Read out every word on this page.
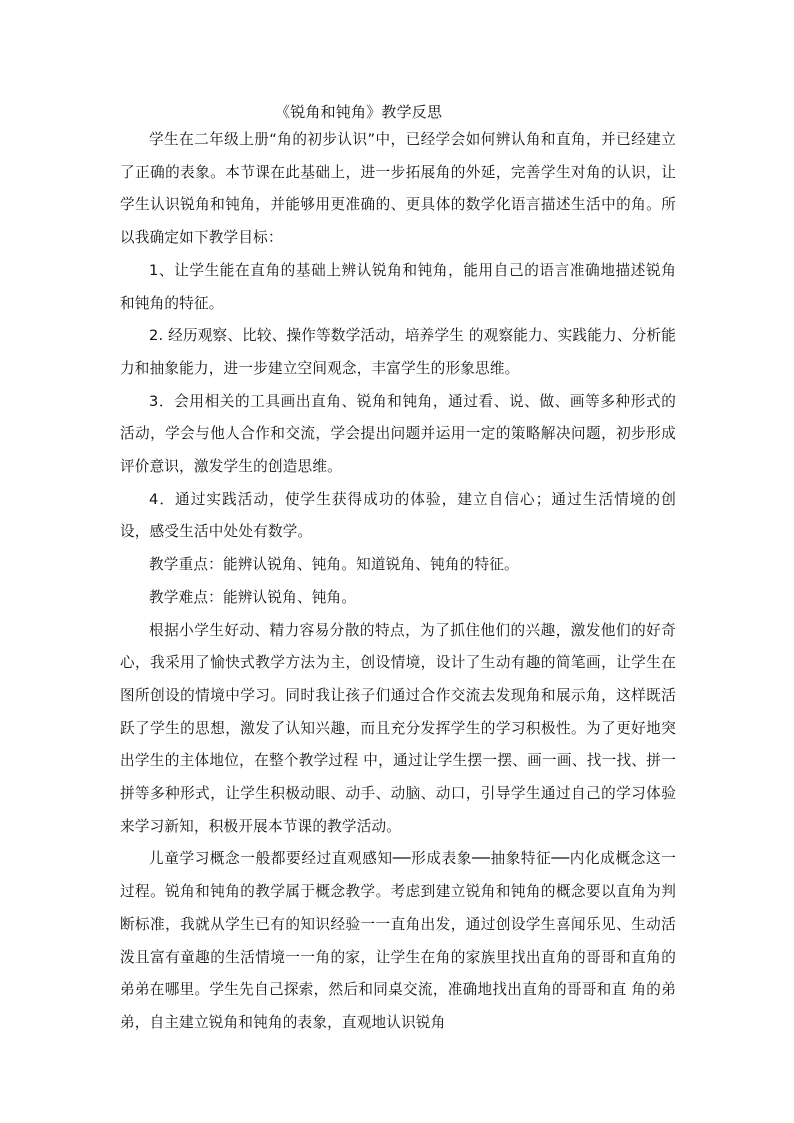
《锐角和钝角》教学反思

学生在二年级上册“角的初步认识”中，已经学会如何辨认角和直角，并已经建立了正确的表象。本节课在此基础上，进一步拓展角的外延，完善学生对角的认识，让学生认识锐角和钝角，并能够用更准确的、更具体的数学化语言描述生活中的角。所以我确定如下教学目标：

1、让学生能在直角的基础上辨认锐角和钝角，能用自己的语言准确地描述锐角和钝角的特征。

2. 经历观察、比较、操作等数学活动，培养学生 的观察能力、实践能力、分析能力和抽象能力，进一步建立空间观念，丰富学生的形象思维。

3．会用相关的工具画出直角、锐角和钝角，通过看、说、做、画等多种形式的活动，学会与他人合作和交流，学会提出问题并运用一定的策略解决问题，初步形成评价意识，激发学生的创造思维。

4．通过实践活动，使学生获得成功的体验，建立自信心；通过生活情境的创设，感受生活中处处有数学。

教学重点：能辨认锐角、钝角。知道锐角、钝角的特征。

教学难点：能辨认锐角、钝角。

根据小学生好动、精力容易分散的特点，为了抓住他们的兴趣，激发他们的好奇心，我采用了愉快式教学方法为主，创设情境，设计了生动有趣的简笔画，让学生在图所创设的情境中学习。同时我让孩子们通过合作交流去发现角和展示角，这样既活跃了学生的思想，激发了认知兴趣，而且充分发挥学生的学习积极性。为了更好地突出学生的主体地位，在整个教学过程 中，通过让学生摆一摆、画一画、找一找、拼一拼等多种形式，让学生积极动眼、动手、动脑、动口，引导学生通过自己的学习体验来学习新知，积极开展本节课的教学活动。

儿童学习概念一般都要经过直观感知──形成表象──抽象特征──内化成概念这一过程。锐角和钝角的教学属于概念教学。考虑到建立锐角和钝角的概念要以直角为判断标准，我就从学生已有的知识经验一一直角出发，通过创设学生喜闻乐见、生动活泼且富有童趣的生活情境一一角的家，让学生在角的家族里找出直角的哥哥和直角的弟弟在哪里。学生先自己探索，然后和同桌交流，准确地找出直角的哥哥和直 角的弟弟，自主建立锐角和钝角的表象，直观地认识锐角
